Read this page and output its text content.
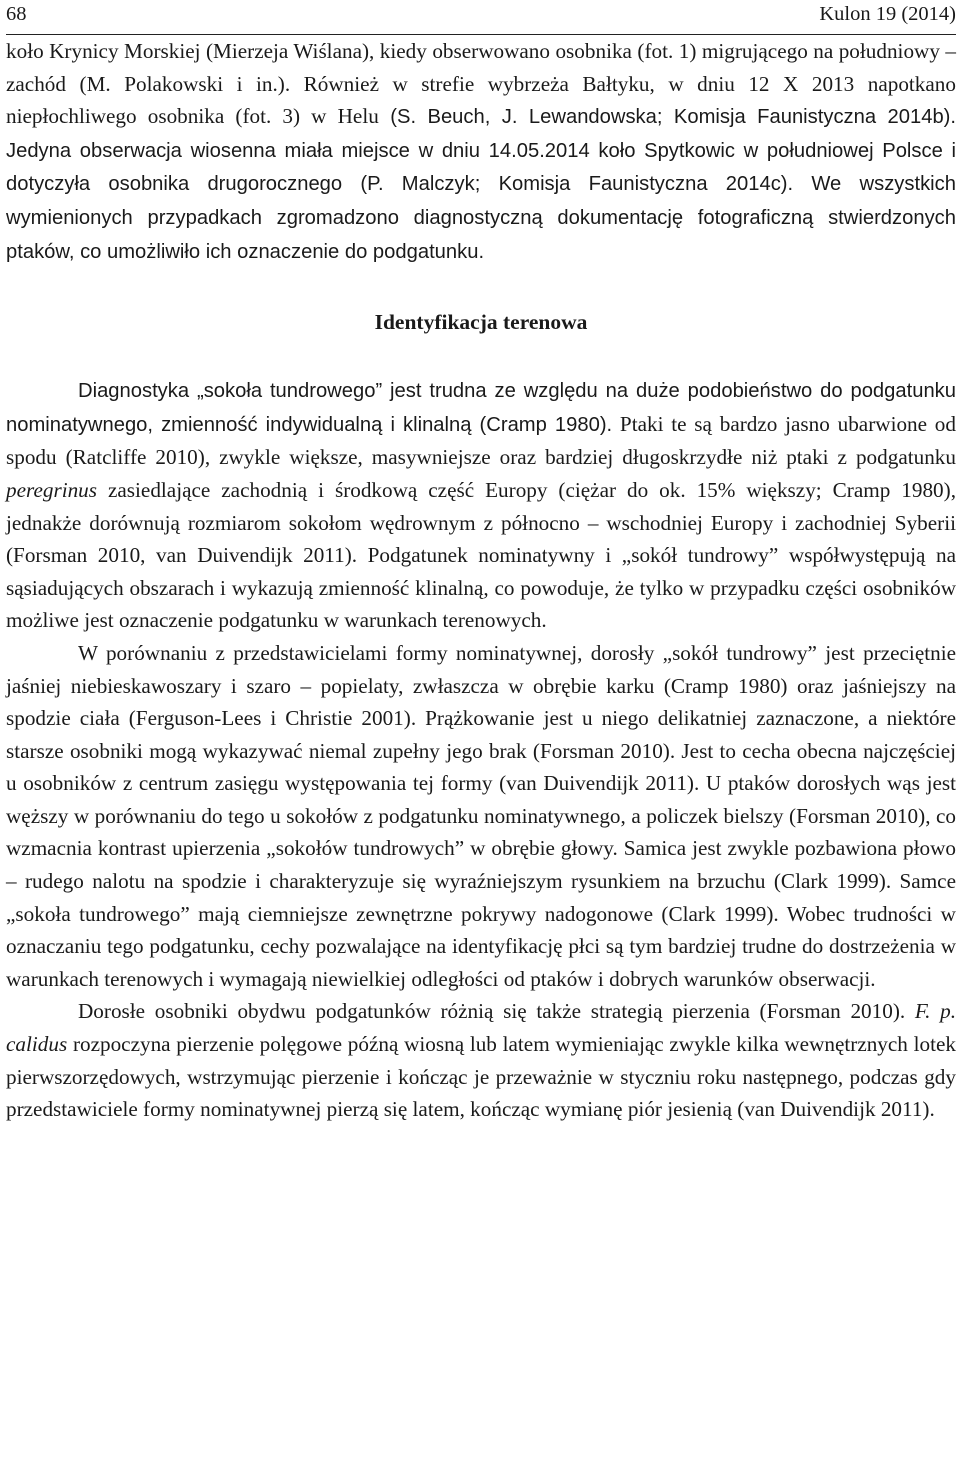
68	Kulon 19 (2014)

koło Krynicy Morskiej (Mierzeja Wiślana), kiedy obserwowano osobnika (fot. 1) migrującego na południowy – zachód (M. Polakowski i in.). Również w strefie wybrzeża Bałtyku, w dniu 12 X 2013 napotkano niepłochliwego osobnika (fot. 3) w Helu (S. Beuch, J. Lewandowska; Komisja Faunistyczna 2014b). Jedyna obserwacja wiosenna miała miejsce w dniu 14.05.2014 koło Spytkowic w południowej Polsce i dotyczyła osobnika drugorocznego (P. Malczyk; Komisja Faunistyczna 2014c). We wszystkich wymienionych przypadkach zgromadzono diagnostyczną dokumentację fotograficzną stwierdzonych ptaków, co umożliwiło ich oznaczenie do podgatunku.

Identyfikacja terenowa

Diagnostyka „sokoła tundrowego” jest trudna ze względu na duże podobieństwo do podgatunku nominatywnego, zmienność indywidualną i klinalną (Cramp 1980). Ptaki te są bardzo jasno ubarwione od spodu (Ratcliffe 2010), zwykle większe, masywniejsze oraz bardziej długoskrzydłe niż ptaki z podgatunku peregrinus zasiedlające zachodnią i środkową część Europy (ciężar do ok. 15% większy; Cramp 1980), jednakże dorównują rozmiarom sokołom wędrownym z północno – wschodniej Europy i zachodniej Syberii (Forsman 2010, van Duivendijk 2011). Podgatunek nominatywny i „sokół tundrowy” współwystępują na sąsiadujących obszarach i wykazują zmienność klinalną, co powoduje, że tylko w przypadku części osobników możliwe jest oznaczenie podgatunku w warunkach terenowych.

W porównaniu z przedstawicielami formy nominatywnej, dorosły „sokół tundrowy” jest przeciętnie jaśniej niebieskawoszary i szaro – popielaty, zwłaszcza w obrębie karku (Cramp 1980) oraz jaśniejszy na spodzie ciała (Ferguson-Lees i Christie 2001). Prążkowanie jest u niego delikatniej zaznaczone, a niektóre starsze osobniki mogą wykazywać niemal zupełny jego brak (Forsman 2010). Jest to cecha obecna najczęściej u osobników z centrum zasięgu występowania tej formy (van Duivendijk 2011). U ptaków dorosłych wąs jest węższy w porównaniu do tego u sokołów z podgatunku nominatywnego, a policzek bielszy (Forsman 2010), co wzmacnia kontrast upierzenia „sokołów tundrowych” w obrębie głowy. Samica jest zwykle pozbawiona płowo – rudego nalotu na spodzie i charakteryzuje się wyraźniejszym rysunkiem na brzuchu (Clark 1999). Samce „sokoła tundrowego” mają ciemniejsze zewnętrzne pokrywy nadogonowe (Clark 1999). Wobec trudności w oznaczaniu tego podgatunku, cechy pozwalające na identyfikację płci są tym bardziej trudne do dostrzeżenia w warunkach terenowych i wymagają niewielkiej odległości od ptaków i dobrych warunków obserwacji.

Dorosłe osobniki obydwu podgatunków różnią się także strategią pierzenia (Forsman 2010). F. p. calidus rozpoczyna pierzenie polęgowe późną wiosną lub latem wymieniając zwykle kilka wewnętrznych lotek pierwszorzędowych, wstrzymując pierzenie i kończąc je przeważnie w styczniu roku następnego, podczas gdy przedstawiciele formy nominatywnej pierzą się latem, kończąc wymianę piór jesienią (van Duivendijk 2011).
